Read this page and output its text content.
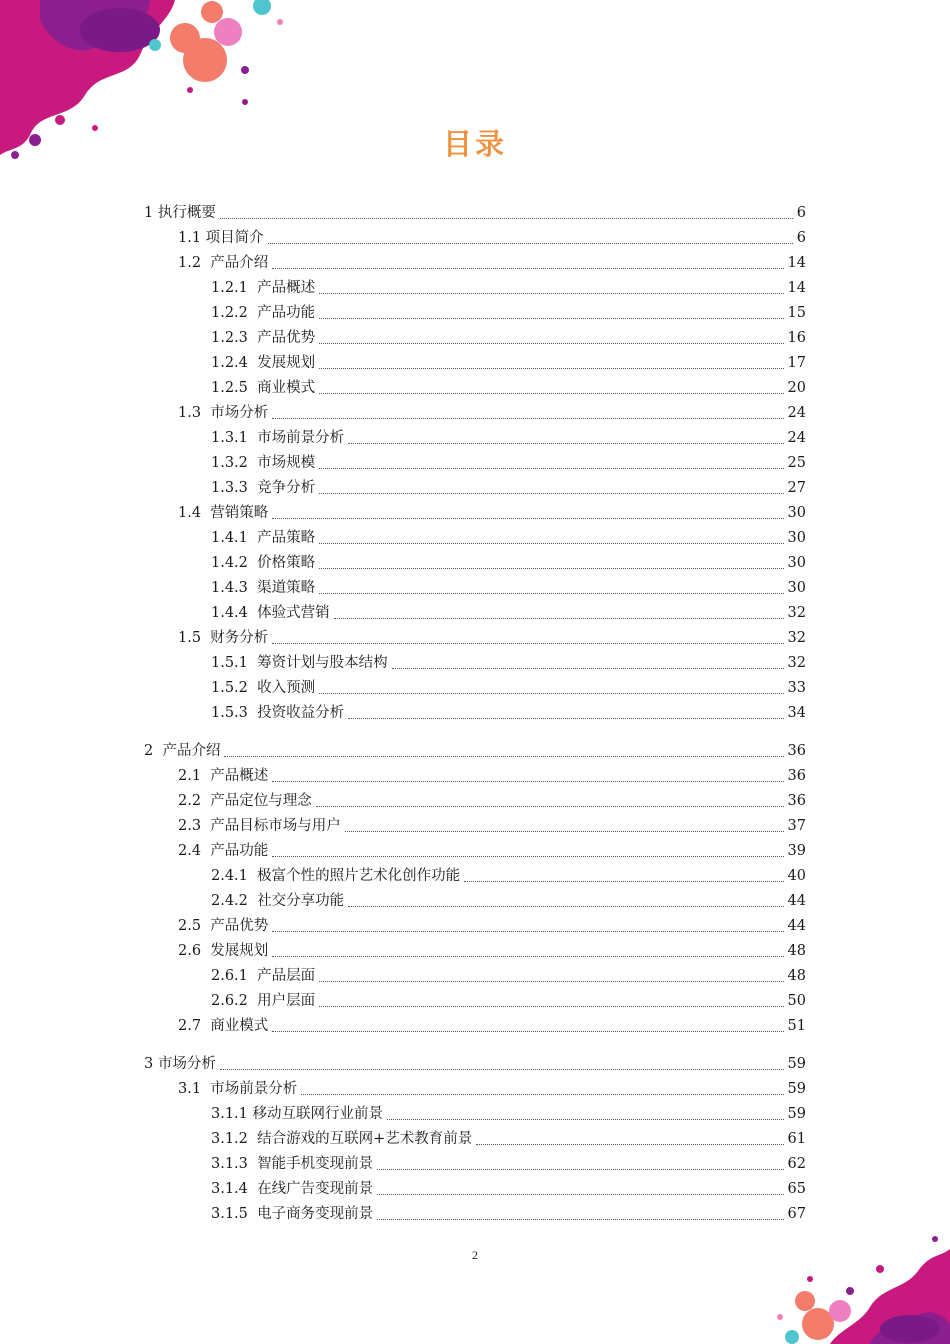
目录
1 执行概要	6
1.1 项目简介	6
1.2  产品介绍	14
1.2.1  产品概述	14
1.2.2  产品功能	15
1.2.3  产品优势	16
1.2.4  发展规划	17
1.2.5  商业模式	20
1.3  市场分析	24
1.3.1  市场前景分析	24
1.3.2  市场规模	25
1.3.3  竞争分析	27
1.4  营销策略	30
1.4.1  产品策略	30
1.4.2  价格策略	30
1.4.3  渠道策略	30
1.4.4  体验式营销	32
1.5  财务分析	32
1.5.1  筹资计划与股本结构	32
1.5.2  收入预测	33
1.5.3  投资收益分析	34
2  产品介绍	36
2.1  产品概述	36
2.2  产品定位与理念	36
2.3  产品目标市场与用户	37
2.4  产品功能	39
2.4.1  极富个性的照片艺术化创作功能	40
2.4.2  社交分享功能	44
2.5  产品优势	44
2.6  发展规划	48
2.6.1  产品层面	48
2.6.2  用户层面	50
2.7  商业模式	51
3 市场分析	59
3.1  市场前景分析	59
3.1.1 移动互联网行业前景	59
3.1.2  结合游戏的互联网+艺术教育前景	61
3.1.3  智能手机变现前景	62
3.1.4  在线广告变现前景	65
3.1.5  电子商务变现前景	67
2
